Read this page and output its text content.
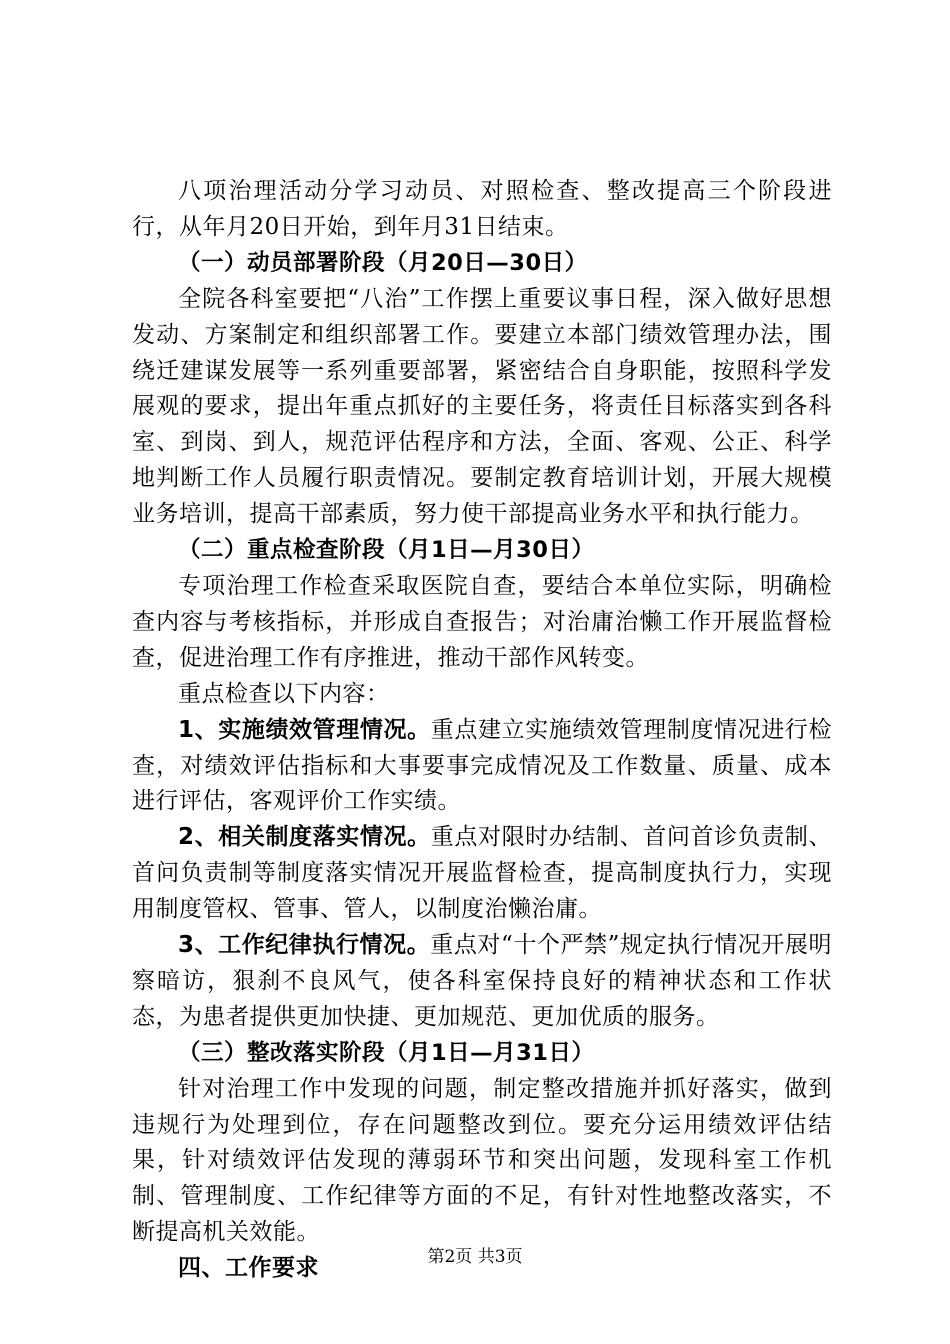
八项治理活动分学习动员、对照检查、整改提高三个阶段进行，从年月20日开始，到年月31日结束。

（一）动员部署阶段（月20日—30日）

全院各科室要把“八治”工作摆上重要议事日程，深入做好思想发动、方案制定和组织部署工作。要建立本部门绩效管理办法，围绕迁建谋发展等一系列重要部署，紧密结合自身职能，按照科学发展观的要求，提出年重点抓好的主要任务，将责任目标落实到各科室、到岗、到人，规范评估程序和方法，全面、客观、公正、科学地判断工作人员履行职责情况。要制定教育培训计划，开展大规模业务培训，提高干部素质，努力使干部提高业务水平和执行能力。

（二）重点检查阶段（月1日—月30日）

专项治理工作检查采取医院自查，要结合本单位实际，明确检查内容与考核指标，并形成自查报告；对治庸治懒工作开展监督检查，促进治理工作有序推进，推动干部作风转变。

重点检查以下内容：

1、实施绩效管理情况。重点建立实施绩效管理制度情况进行检查，对绩效评估指标和大事要事完成情况及工作数量、质量、成本进行评估，客观评价工作实绩。

2、相关制度落实情况。重点对限时办结制、首问首诊负责制、首问负责制等制度落实情况开展监督检查，提高制度执行力，实现用制度管权、管事、管人，以制度治懒治庸。

3、工作纪律执行情况。重点对“十个严禁”规定执行情况开展明察暗访，狠刹不良风气，使各科室保持良好的精神状态和工作状态，为患者提供更加快捷、更加规范、更加优质的服务。

（三）整改落实阶段（月1日—月31日）

针对治理工作中发现的问题，制定整改措施并抓好落实，做到违规行为处理到位，存在问题整改到位。要充分运用绩效评估结果，针对绩效评估发现的薄弱环节和突出问题，发现科室工作机制、管理制度、工作纪律等方面的不足，有针对性地整改落实，不断提高机关效能。

四、工作要求	第2页 共3页
